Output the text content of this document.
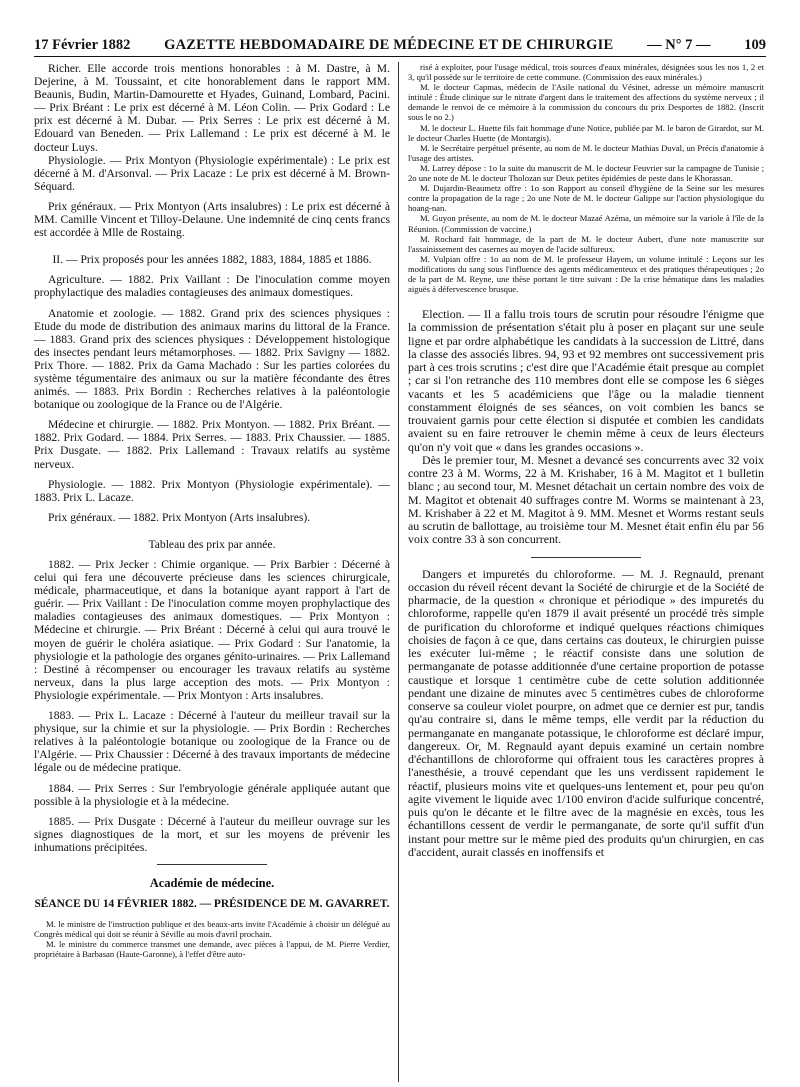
17 Février 1882 GAZETTE HEBDOMADAIRE DE MÉDECINE ET DE CHIRURGIE — N° 7 — 109

Richer. Elle accorde trois mentions honorables : à M. Dastre, à M. Dejerine, à M. Toussaint, et cite honorablement dans le rapport MM. Beaunis, Budin, Martin-Damourette et Hyades, Guinand, Lombard, Pacini. — Prix Bréant : Le prix est décerné à M. Léon Colin. — Prix Godard : Le prix est décerné à M. Dubar. — Prix Serres : Le prix est décerné à M. Edouard van Beneden. — Prix Lallemand : Le prix est décerné à M. le docteur Luys.

Physiologie. — Prix Montyon (Physiologie expérimentale) : Le prix est décerné à M. d'Arsonval. — Prix Lacaze : Le prix est décerné à M. Brown-Séquard.

Prix généraux. — Prix Montyon (Arts insalubres) : Le prix est décerné à MM. Camille Vincent et Tilloy-Delaune. Une indemnité de cinq cents francs est accordée à Mlle de Rostaing.

II. — Prix proposés pour les années 1882, 1883, 1884, 1885 et 1886.

Agriculture. — 1882. Prix Vaillant : De l'inoculation comme moyen prophylactique des maladies contagieuses des animaux domestiques.

Anatomie et zoologie. — 1882. Grand prix des sciences physiques : Etude du mode de distribution des animaux marins du littoral de la France. — 1883. Grand prix des sciences physiques : Développement histologique des insectes pendant leurs métamorphoses. — 1882. Prix Savigny — 1882. Prix Thore. — 1882. Prix da Gama Machado : Sur les parties colorées du système tégumentaire des animaux ou sur la matière fécondante des êtres animés. — 1883. Prix Bordin : Recherches relatives à la paléontologie botanique ou zoologique de la France ou de l'Algérie.

Médecine et chirurgie. — 1882. Prix Montyon. — 1882. Prix Bréant. — 1882. Prix Godard. — 1884. Prix Serres. — 1883. Prix Chaussier. — 1885. Prix Dusgate. — 1882. Prix Lallemand : Travaux relatifs au système nerveux.

Physiologie. — 1882. Prix Montyon (Physiologie expérimentale). — 1883. Prix L. Lacaze.

Prix généraux. — 1882. Prix Montyon (Arts insalubres).

Tableau des prix par année.

1882. — Prix Jecker : Chimie organique. — Prix Barbier : Décerné à celui qui fera une découverte précieuse dans les sciences chirurgicale, médicale, pharmaceutique, et dans la botanique ayant rapport à l'art de guérir. — Prix Vaillant : De l'inoculation comme moyen prophylactique des maladies contagieuses des animaux domestiques. — Prix Montyon : Médecine et chirurgie. — Prix Bréant : Décerné à celui qui aura trouvé le moyen de guérir le choléra asiatique. — Prix Godard : Sur l'anatomie, la physiologie et la pathologie des organes génito-urinaires. — Prix Lallemand : Destiné à récompenser ou encourager les travaux relatifs au système nerveux, dans la plus large acception des mots. — Prix Montyon : Physiologie expérimentale. — Prix Montyon : Arts insalubres.

1883. — Prix L. Lacaze : Décerné à l'auteur du meilleur travail sur la physique, sur la chimie et sur la physiologie. — Prix Bordin : Recherches relatives à la paléontologie botanique ou zoologique de la France ou de l'Algérie. — Prix Chaussier : Décerné à des travaux importants de médecine légale ou de médecine pratique.

1884. — Prix Serres : Sur l'embryologie générale appliquée autant que possible à la physiologie et à la médecine.

1885. — Prix Dusgate : Décerné à l'auteur du meilleur ouvrage sur les signes diagnostiques de la mort, et sur les moyens de prévenir les inhumations précipitées.

Académie de médecine.
SÉANCE DU 14 FÉVRIER 1882. — PRÉSIDENCE DE M. GAVARRET.

M. le ministre de l'instruction publique et des beaux-arts invite l'Académie à choisir un délégué au Congrès médical qui doit se réunir à Séville au mois d'avril prochain.

M. le ministre du commerce transmet une demande, avec pièces à l'appui, de M. Pierre Verdier, propriétaire à Barbasan (Haute-Garonne), à l'effet d'être auto-

risé à exploiter, pour l'usage médical, trois sources d'eaux minérales, désignées sous les nos 1, 2 et 3, qu'il possède sur le territoire de cette commune. (Commission des eaux minérales.)

M. le docteur Capmas, médecin de l'Asile national du Vésinet, adresse un mémoire manuscrit intitulé : Étude clinique sur le nitrate d'argent dans le traitement des affections du système nerveux ; il demande le renvoi de ce mémoire à la commission du concours du prix Desportes de 1882. (Inscrit sous le no 2.)

M. le docteur L. Huette fils fait hommage d'une Notice, publiée par M. le baron de Girardot, sur M. le docteur Charles Huette (de Montargis).

M. le Secrétaire perpétuel présente, au nom de M. le docteur Mathias Duval, un Précis d'anatomie à l'usage des artistes.

M. Larrey dépose : 1o la suite du manuscrit de M. le docteur Feuvrier sur la campagne de Tunisie ; 2o une note de M. le docteur Tholozan sur Deux petites épidémies de peste dans le Khorassan.

M. Dujardin-Beaumetz offre : 1o son Rapport au conseil d'hygiène de la Seine sur les mesures contre la propagation de la rage ; 2o une Note de M. le docteur Galippe sur l'action physiologique du hoang-nan.

M. Guyon présente, au nom de M. le docteur Mazaé Azéma, un mémoire sur la variole à l'île de la Réunion. (Commission de vaccine.)

M. Rochard fait hommage, de la part de M. le docteur Aubert, d'une note manuscrite sur l'assainissement des casernes au moyen de l'acide sulfureux.

M. Vulpian offre : 1o au nom de M. le professeur Hayem, un volume intitulé : Leçons sur les modifications du sang sous l'influence des agents médicamenteux et des pratiques thérapeutiques ; 2o de la part de M. Reyne, une thèse portant le titre suivant : De la crise hématique dans les maladies aiguës à défervescence brusque.

Election. — Il a fallu trois tours de scrutin pour résoudre l'énigme que la commission de présentation s'était plu à poser en plaçant sur une seule ligne et par ordre alphabétique les candidats à la succession de Littré, dans la classe des associés libres. 94, 93 et 92 membres ont successivement pris part à ces trois scrutins ; c'est dire que l'Académie était presque au complet ; car si l'on retranche des 110 membres dont elle se compose les 6 sièges vacants et les 5 académiciens que l'âge ou la maladie tiennent constamment éloignés de ses séances, on voit combien les bancs se trouvaient garnis pour cette élection si disputée et combien les candidats avaient su en faire retrouver le chemin même à ceux de leurs électeurs qu'on n'y voit que « dans les grandes occasions ».

Dès le premier tour, M. Mesnet a devancé ses concurrents avec 32 voix contre 23 à M. Worms, 22 à M. Krishaber, 16 à M. Magitot et 1 bulletin blanc ; au second tour, M. Mesnet détachait un certain nombre des voix de M. Magitot et obtenait 40 suffrages contre M. Worms se maintenant à 23, M. Krishaber à 22 et M. Magitot à 9. MM. Mesnet et Worms restant seuls au scrutin de ballottage, au troisième tour M. Mesnet était enfin élu par 56 voix contre 33 à son concurrent.

Dangers et impuretés du chloroforme. — M. J. Regnauld, prenant occasion du réveil récent devant la Société de chirurgie et de la Société de pharmacie, de la question « chronique et périodique » des impuretés du chloroforme, rappelle qu'en 1879 il avait présenté un procédé très simple de purification du chloroforme et indiqué quelques réactions chimiques choisies de façon à ce que, dans certains cas douteux, le chirurgien puisse les exécuter lui-même ; le réactif consiste dans une solution de permanganate de potasse additionnée d'une certaine proportion de potasse caustique et lorsque 1 centimètre cube de cette solution additionnée pendant une dizaine de minutes avec 5 centimètres cubes de chloroforme conserve sa couleur violet pourpre, on admet que ce dernier est pur, tandis qu'au contraire si, dans le même temps, elle verdit par la réduction du permanganate en manganate potassique, le chloroforme est déclaré impur, dangereux. Or, M. Regnauld ayant depuis examiné un certain nombre d'échantillons de chloroforme qui offraient tous les caractères propres à l'anesthésie, a trouvé cependant que les uns verdissent rapidement le réactif, plusieurs moins vite et quelques-uns lentement et, pour peu qu'on agite vivement le liquide avec 1/100 environ d'acide sulfurique concentré, puis qu'on le décante et le filtre avec de la magnésie en excès, tous les échantillons cessent de verdir le permanganate, de sorte qu'il suffit d'un instant pour mettre sur le même pied des produits qu'un chirurgien, en cas d'accident, aurait classés en inoffensifs et
